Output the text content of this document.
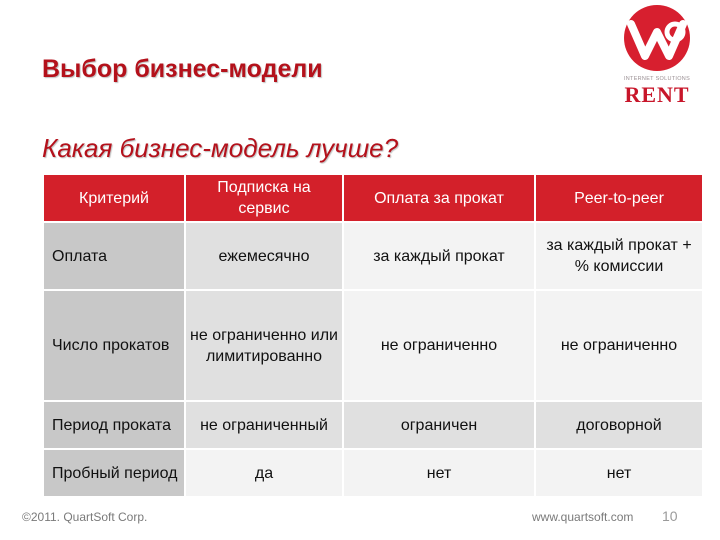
Выбор бизнес-модели	INTERNET SOLUTIONS
RENT
Какая бизнес-модель лучше?
Критерий	Подписка на сервис	Оплата за прокат	Peer-to-peer
Оплата	ежемесячно	за каждый прокат	за каждый прокат + % комиссии
Число прокатов	не ограниченно или лимитированно	не ограниченно	не ограниченно
Период проката	не ограниченный	ограничен	договорной
Пробный период	да	нет	нет
©2011. QuartSoft Corp.	www.quartsoft.com 10
